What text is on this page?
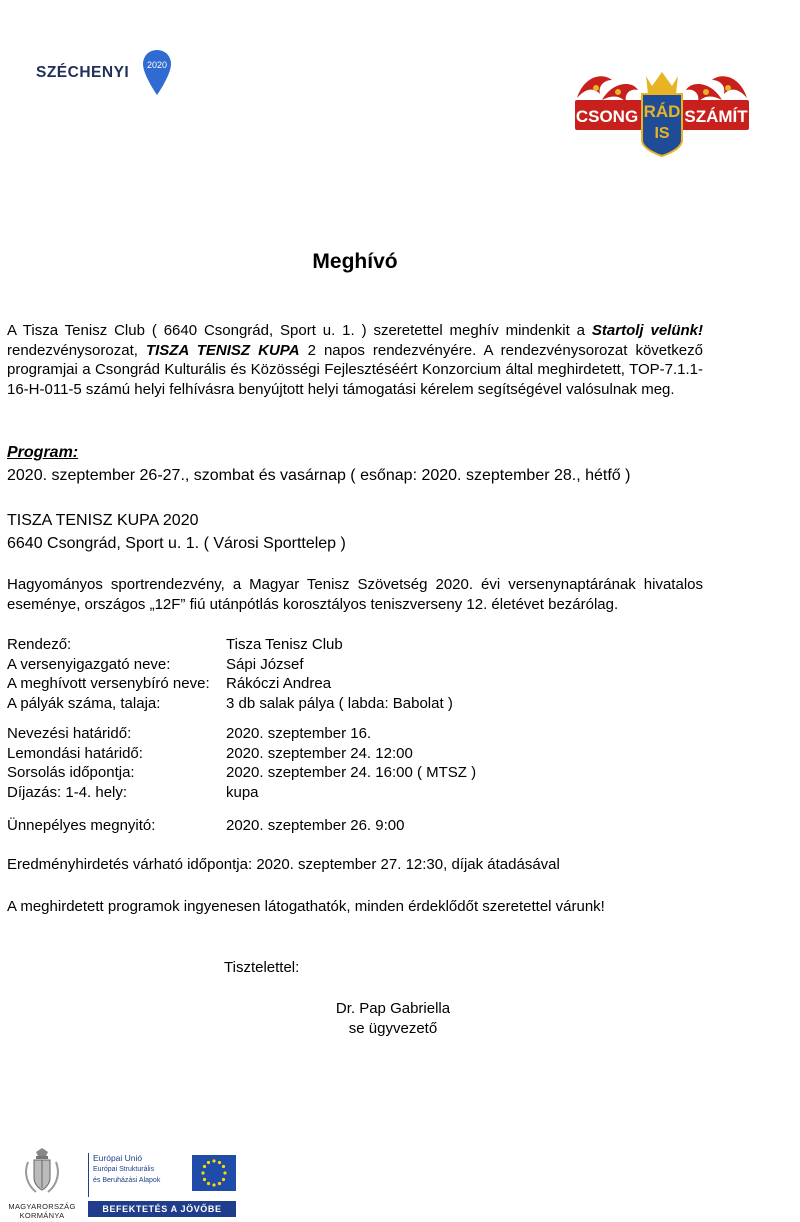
SZÉCHENYI 2020
CSONG RÁD
IS
SZÁMÍT
Meghívó

A Tisza Tenisz Club ( 6640 Csongrád, Sport u. 1. ) szeretettel meghív mindenkit a Startolj velünk! rendezvénysorozat, TISZA TENISZ KUPA 2 napos rendezvényére. A rendezvénysorozat következő programjai a Csongrád Kulturális és Közösségi Fejlesztéséért Konzorcium által meghirdetett, TOP-7.1.1-16-H-011-5 számú helyi felhívásra benyújtott helyi támogatási kérelem segítségével valósulnak meg.

Program:

2020. szeptember 26-27., szombat és vasárnap ( esőnap: 2020. szeptember 28., hétfő )

TISZA TENISZ KUPA 2020

6640 Csongrád, Sport u. 1. ( Városi Sporttelep )

Hagyományos sportrendezvény, a Magyar Tenisz Szövetség 2020. évi versenynaptárának hivatalos eseménye, országos „12F” fiú utánpótlás korosztályos teniszverseny 12. életévet bezárólag.

Rendező:	Tisza Tenisz Club
A versenyigazgató neve:	Sápi József
A meghívott versenybíró neve:	Rákóczi Andrea
A pályák száma, talaja:	3 db salak pálya ( labda: Babolat )
Nevezési határidő:	2020. szeptember 16.
Lemondási határidő:	2020. szeptember 24. 12:00
Sorsolás időpontja:	2020. szeptember 24. 16:00 ( MTSZ )
Díjazás: 1-4. hely:	kupa
Ünnepélyes megnyitó:	2020. szeptember 26. 9:00

Eredményhirdetés várható időpontja: 2020. szeptember 27. 12:30, díjak átadásával

A meghirdetett programok ingyenesen látogathatók, minden érdeklődőt szeretettel várunk!

Tisztelettel:
Dr. Pap Gabriella
se ügyvezető
MAGYARORSZÁG
KORMÁNYA
Európai Unió
Európai Strukturális
és Beruházási Alapok
BEFEKTETÉS A JÖVŐBE
